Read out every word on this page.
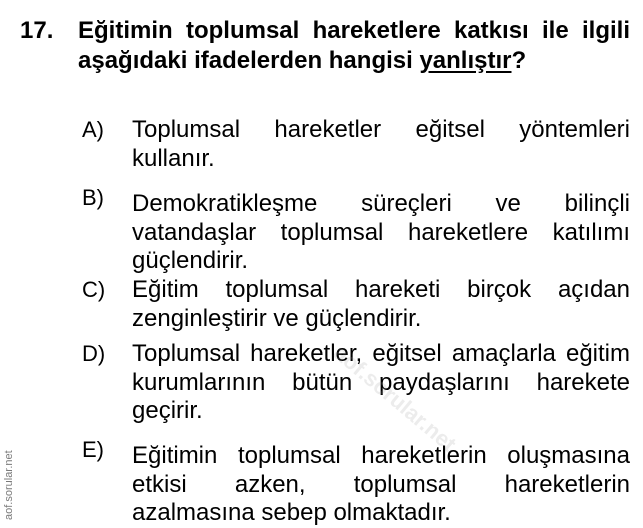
17. Eğitimin toplumsal hareketlere katkısı ile ilgili aşağıdaki ifadelerden hangisi yanlıştır?
A) Toplumsal hareketler eğitsel yöntemleri kullanır.
B) Demokratikleşme süreçleri ve bilinçli vatandaşlar toplumsal hareketlere katılımı güçlendirir.
C) Eğitim toplumsal hareketi birçok açıdan zenginleştirir ve güçlendirir.
D) Toplumsal hareketler, eğitsel amaçlarla eğitim kurumlarının bütün paydaşlarını harekete geçirir.
E) Eğitimin toplumsal hareketlerin oluşmasına etkisi azken, toplumsal hareketlerin azalmasına sebep olmaktadır.
aof.sorular.net
aof.sorular.net
